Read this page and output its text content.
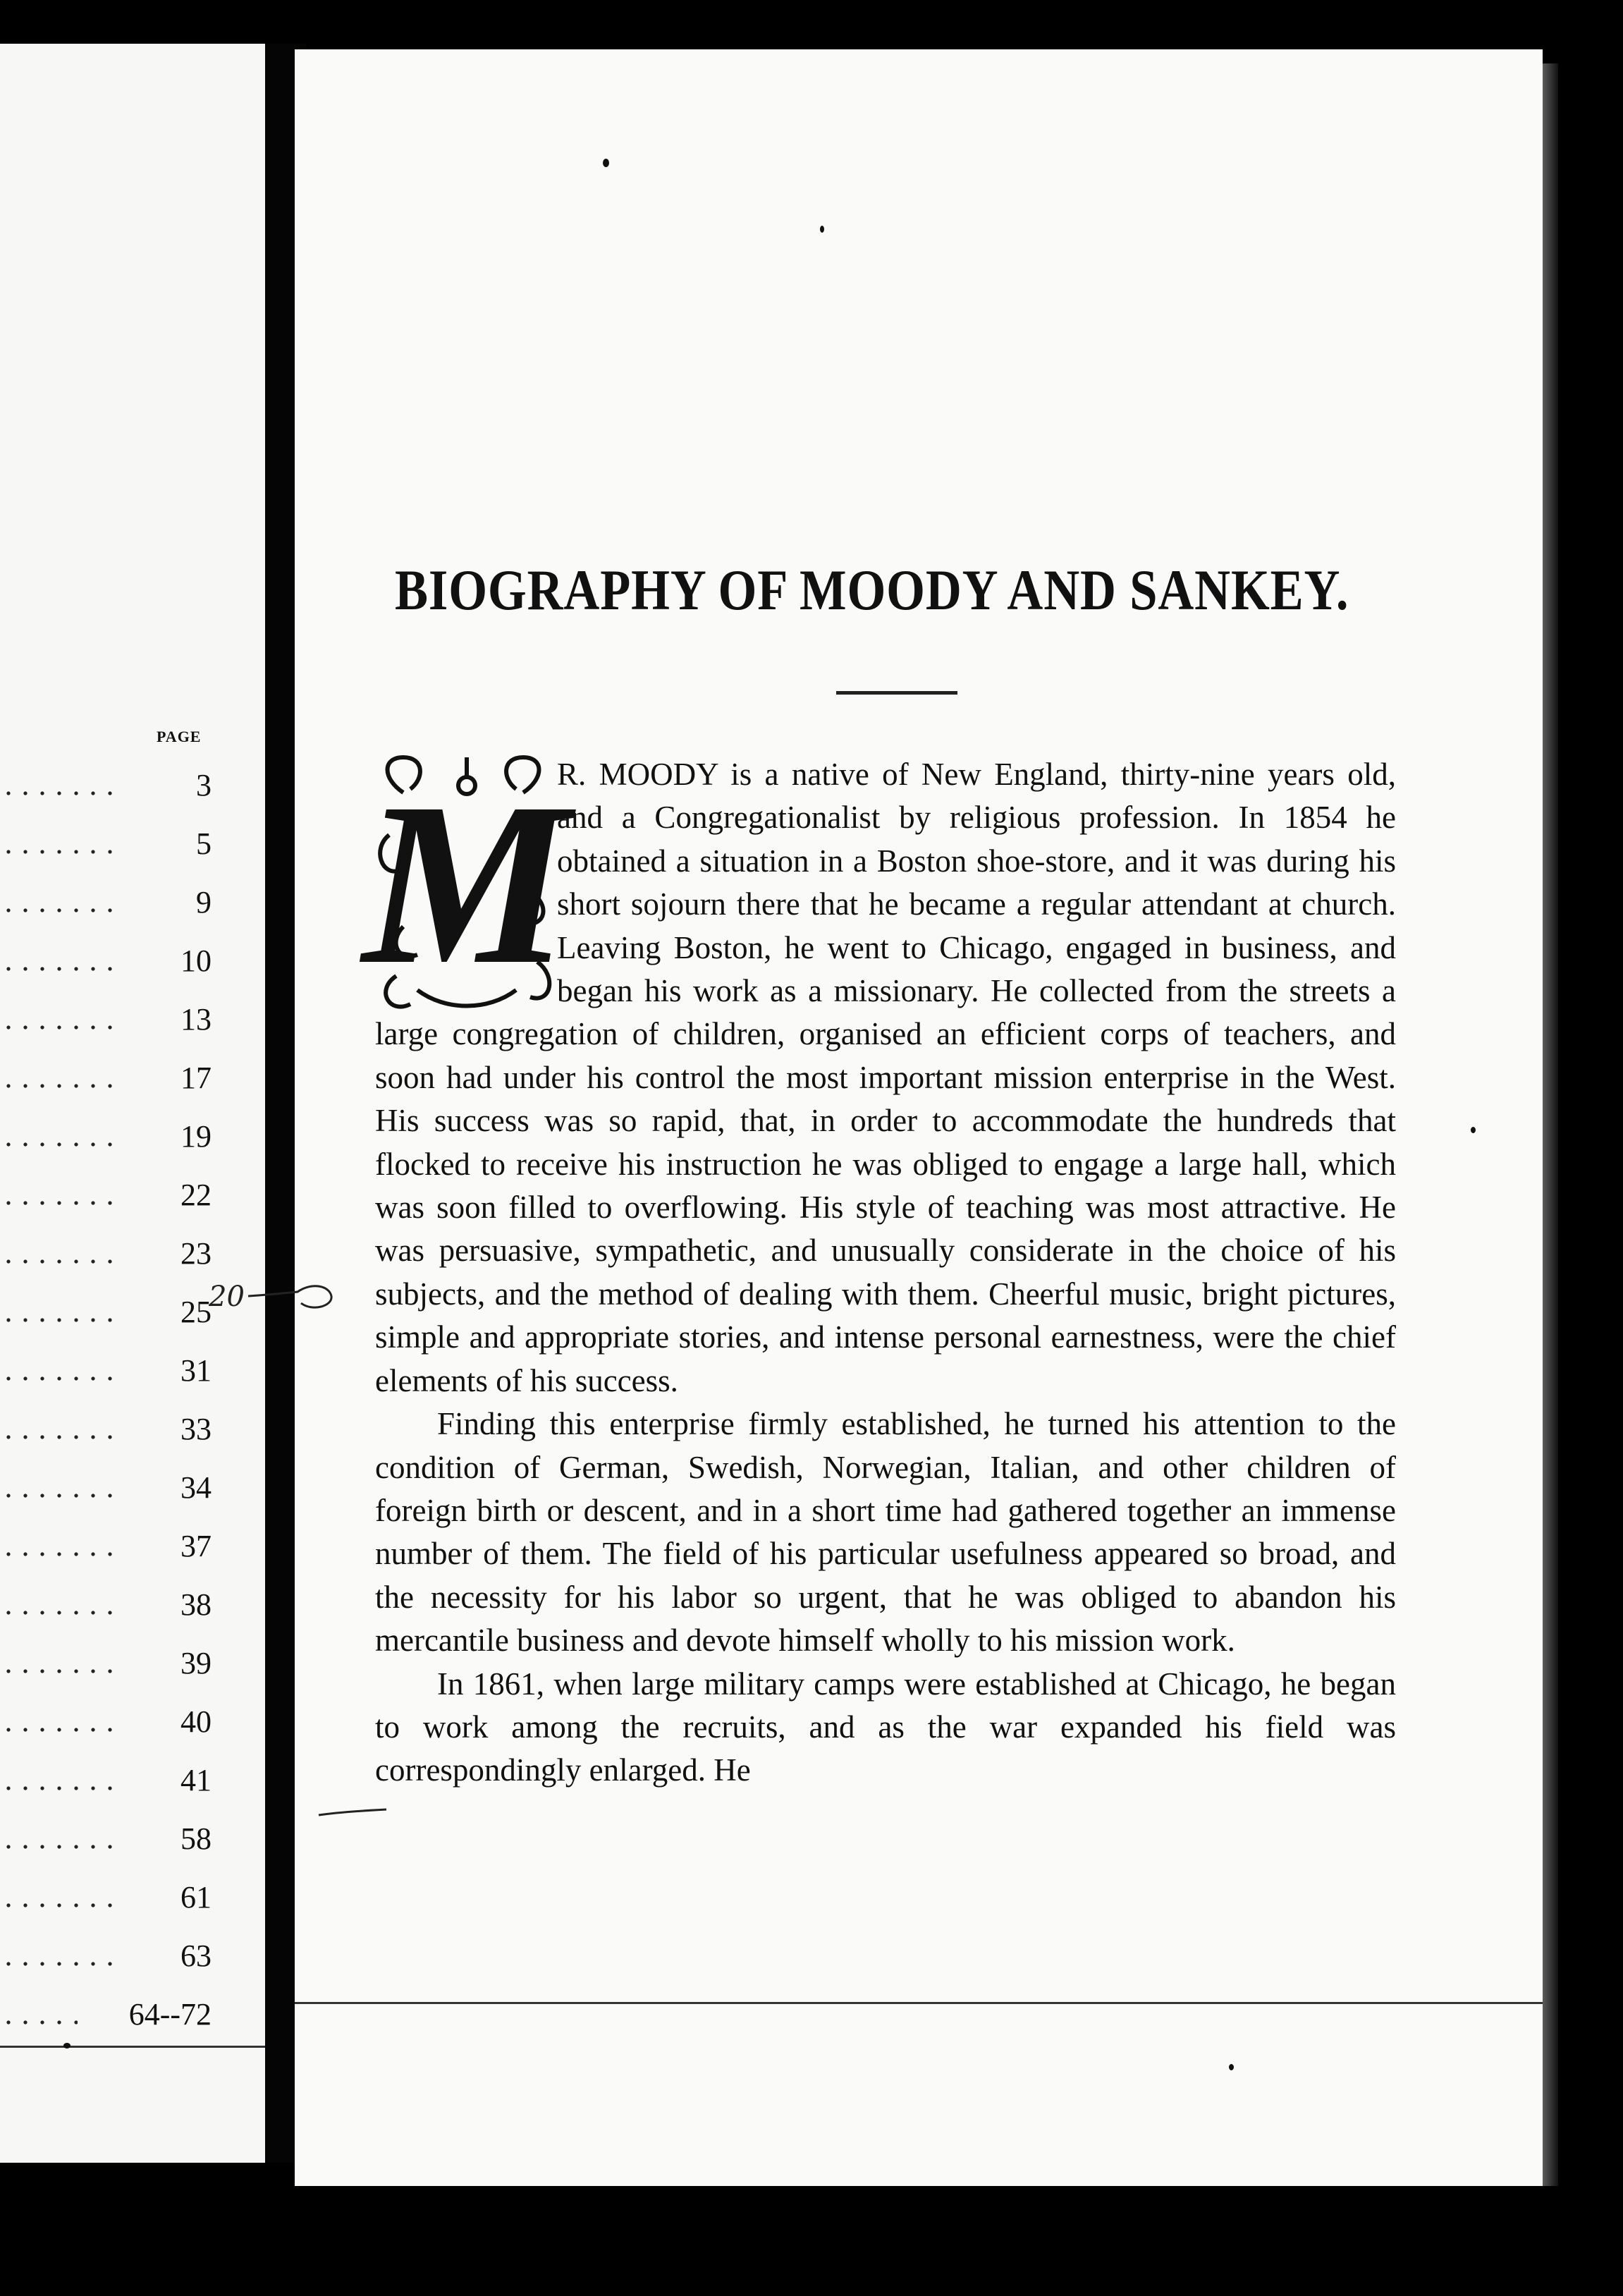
PAGE
3
5
9
10
13
17
19
22
23
25
31
33
34
37
38
39
40
41
58
61
63
64--72
BIOGRAPHY OF MOODY AND SANKEY.
M

R. MOODY is a native of New England, thirty-nine years old, and a Congregationalist by religious profession. In 1854 he obtained a situation in a Boston shoe-store, and it was during his short sojourn there that he became a regular attendant at church. Leaving Boston, he went to Chicago, engaged in business, and began his work as a missionary. He collected from the streets a large congregation of children, organised an efficient corps of teachers, and soon had under his control the most important mission enterprise in the West. His success was so rapid, that, in order to accommodate the hundreds that flocked to receive his instruction he was obliged to engage a large hall, which was soon filled to overflowing. His style of teaching was most attractive. He was persuasive, sympathetic, and unusually considerate in the choice of his subjects, and the method of dealing with them. Cheerful music, bright pictures, simple and appropriate stories, and intense personal earnestness, were the chief elements of his success.

Finding this enterprise firmly established, he turned his attention to the condition of German, Swedish, Norwegian, Italian, and other children of foreign birth or descent, and in a short time had gathered together an immense number of them. The field of his particular usefulness appeared so broad, and the necessity for his labor so urgent, that he was obliged to abandon his mercantile business and devote himself wholly to his mission work.

In 1861, when large military camps were established at Chicago, he began to work among the recruits, and as the war expanded his field was correspondingly enlarged. He

20
